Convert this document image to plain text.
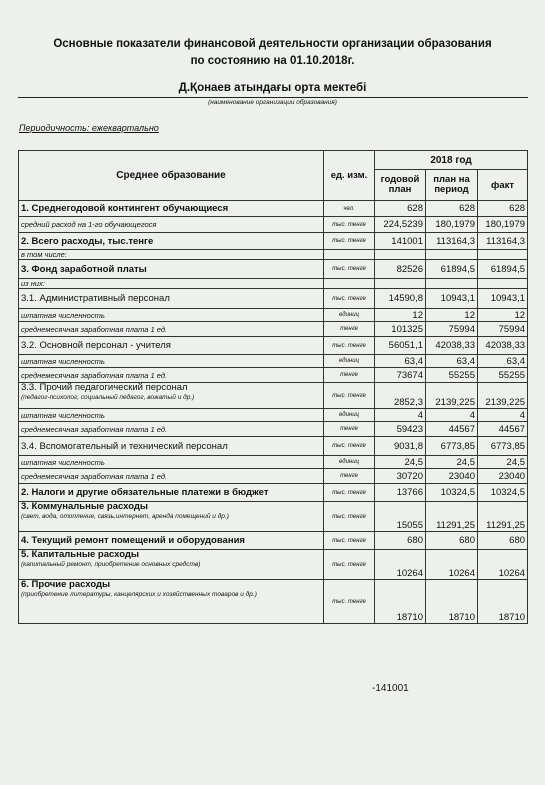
Основные показатели финансовой деятельности организации образования
по состоянию на 01.10.2018г.
Д.Қонаев атындағы орта мектебі
(наименование организации образования)
Периодичность: ежеквартально
Среднее образование	ед. изм.	2018 год		
		годовой план	план на период	факт
1. Среднегодовой контингент обучающиеся	чел.	628	628	628
средний расход на 1-го обучающегося	тыс. тенге	224,5239	180,1979	180,1979
2. Всего расходы, тыс.тенге	тыс. тенге	141001	113164,3	113164,3
в том числе:				
3. Фонд заработной платы	тыс. тенге	82526	61894,5	61894,5
из них:				
3.1. Административный персонал	тыс. тенге	14590,8	10943,1	10943,1
штатная численность	единиц	12	12	12
среднемесячная заработная плата 1 ед.	тенге	101325	75994	75994
3.2. Основной персонал - учителя	тыс. тенге	56051,1	42038,33	42038,33
штатная численность	единиц	63,4	63,4	63,4
среднемесячная заработная плата 1 ед.	тенге	73674	55255	55255
3.3. Прочий педагогический персонал
(педагог-психолог, социальный педагог, вожатый и др.)	тыс. тенге	2852,3	2139,225	2139,225
штатная численность	единиц	4	4	4
среднемесячная заработная плата 1 ед.	тенге	59423	44567	44567
3.4. Вспомогательный и технический персонал	тыс. тенге	9031,8	6773,85	6773,85
штатная численность	единиц	24,5	24,5	24,5
среднемесячная заработная плата 1 ед.	тенге	30720	23040	23040
2. Налоги и другие обязательные платежи в бюджет	тыс. тенге	13766	10324,5	10324,5
3. Коммунальные расходы
(свет, вода, отопление, связь,интернет, аренда помещений и др.)	тыс. тенге	15055	11291,25	11291,25
4. Текущий ремонт помещений и оборудования	тыс. тенге	680	680	680
5. Капитальные расходы
(капитальный ремонт, приобретение основных средств)	тыс. тенге	10264	10264	10264
6. Прочие расходы
(приобретение литературы, канцелярских и хозяйственных товаров и др.)	тыс. тенге	18710	18710	18710
-141001
